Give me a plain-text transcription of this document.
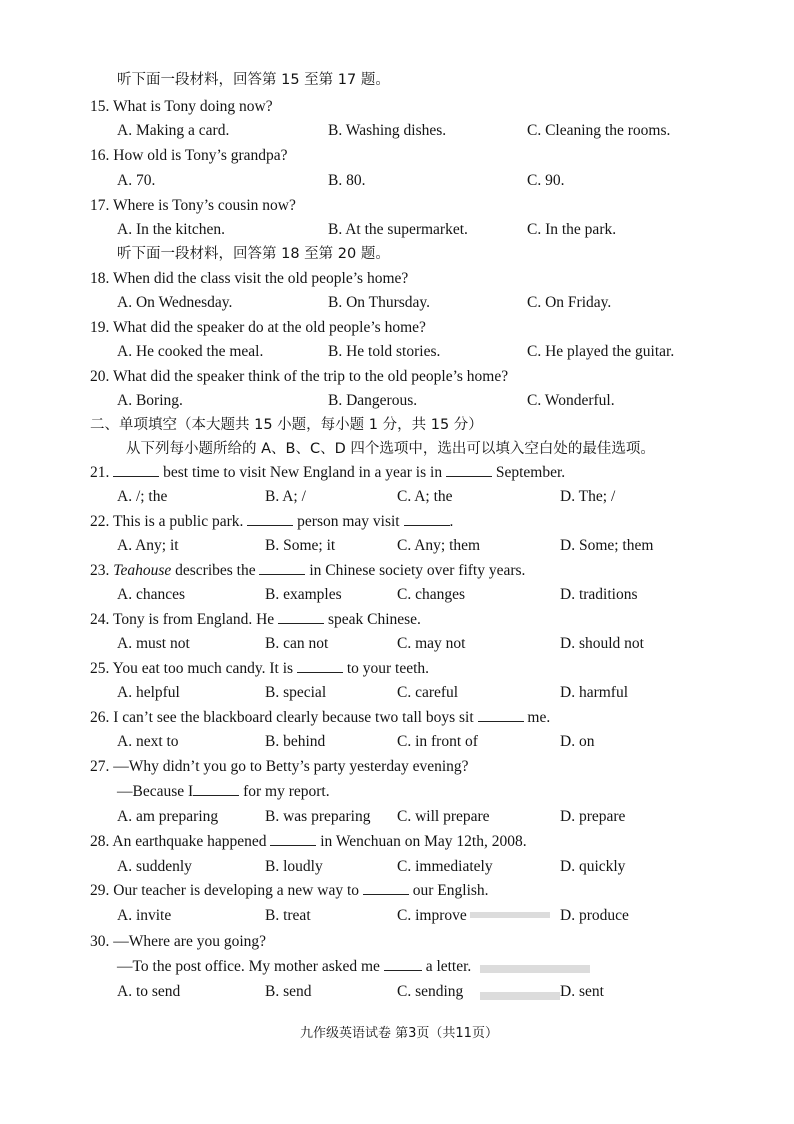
听下面一段材料，回答第 15 至第 17 题。
15. What is Tony doing now?
A. Making a card.	B. Washing dishes.	C. Cleaning the rooms.
16. How old is Tony’s grandpa?
A. 70.	B. 80.	C. 90.
17. Where is Tony’s cousin now?
A. In the kitchen.	B. At the supermarket.	C. In the park.
听下面一段材料，回答第 18 至第 20 题。
18. When did the class visit the old people’s home?
A. On Wednesday.	B. On Thursday.	C. On Friday.
19. What did the speaker do at the old people’s home?
A. He cooked the meal.	B. He told stories.	C. He played the guitar.
20. What did the speaker think of the trip to the old people’s home?
A. Boring.	B. Dangerous.	C. Wonderful.
二、单项填空（本大题共 15 小题，每小题 1 分，共 15 分）
从下列每小题所给的 A、B、C、D 四个选项中，选出可以填入空白处的最佳选项。
21.	best time to visit New England in a year is in	September.
A. /; the	B. A; /	C. A; the	D. The; /
22. This is a public park.	person may visit	.
A. Any; it	B. Some; it	C. Any; them	D. Some; them
23. Teahouse describes the	in Chinese society over fifty years.
A. chances	B. examples	C. changes	D. traditions
24. Tony is from England. He	speak Chinese.
A. must not	B. can not	C. may not	D. should not
25. You eat too much candy. It is	to your teeth.
A. helpful	B. special	C. careful	D. harmful
26. I can’t see the blackboard clearly because two tall boys sit	me.
A. next to	B. behind	C. in front of	D. on
27. —Why didn’t you go to Betty’s party yesterday evening?
—Because I	for my report.
A. am preparing	B. was preparing C. will prepare	D. prepare
28. An earthquake happened	in Wenchuan on May 12th, 2008.
A. suddenly	B. loudly	C. immediately	D. quickly
29. Our teacher is developing a new way to	our English.
A. invite	B. treat	C. improve	D. produce
30. —Where are you going?
—To the post office. My mother asked me	a letter.
A. to send	B. send	C. sending	D. sent
九作级英语试卷 第3页（共11页）
